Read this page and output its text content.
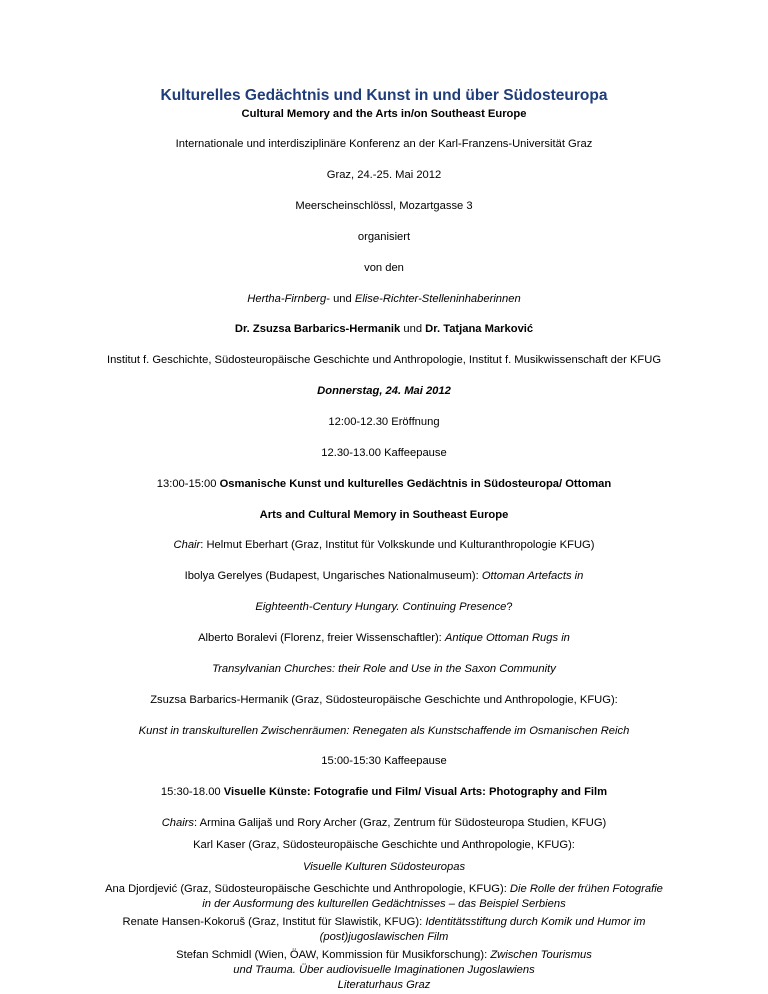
Kulturelles Gedächtnis und Kunst in und über Südosteuropa
Cultural Memory and the Arts in/on Southeast Europe
Internationale und interdisziplinäre Konferenz an der Karl-Franzens-Universität Graz
Graz, 24.-25. Mai 2012
Meerscheinschlössl, Mozartgasse 3
organisiert
von den
Hertha-Firnberg- und Elise-Richter-Stelleninhaberinnen
Dr. Zsuzsa Barbarics-Hermanik und Dr. Tatjana Marković
Institut f. Geschichte, Südosteuropäische Geschichte und Anthropologie, Institut f. Musikwissenschaft der KFUG
Donnerstag, 24. Mai 2012
12:00-12.30 Eröffnung
12.30-13.00 Kaffeepause
13:00-15:00 Osmanische Kunst und kulturelles Gedächtnis in Südosteuropa/ Ottoman
Arts and Cultural Memory in Southeast Europe
Chair: Helmut Eberhart (Graz, Institut für Volkskunde und Kulturanthropologie KFUG)
Ibolya Gerelyes (Budapest, Ungarisches Nationalmuseum): Ottoman Artefacts in
Eighteenth-Century Hungary. Continuing Presence?
Alberto Boralevi (Florenz, freier Wissenschaftler): Antique Ottoman Rugs in
Transylvanian Churches: their Role and Use in the Saxon Community
Zsuzsa Barbarics-Hermanik (Graz, Südosteuropäische Geschichte und Anthropologie, KFUG):
Kunst in transkulturellen Zwischenräumen: Renegaten als Kunstschaffende im Osmanischen Reich
15:00-15:30 Kaffeepause
15:30-18.00 Visuelle Künste: Fotografie und Film/ Visual Arts: Photography and Film
Chairs: Armina Galijaš und Rory Archer (Graz, Zentrum für Südosteuropa Studien, KFUG)
Karl Kaser (Graz, Südosteuropäische Geschichte und Anthropologie, KFUG):
Visuelle Kulturen Südosteuropas
Ana Djordjević (Graz, Südosteuropäische Geschichte und Anthropologie, KFUG): Die Rolle der frühen Fotografie
in der Ausformung des kulturellen Gedächtnisses – das Beispiel Serbiens
Renate Hansen-Kokoruš (Graz, Institut für Slawistik, KFUG): Identitätsstiftung durch Komik und Humor im
(post)jugoslawischen Film
Stefan Schmidl (Wien, ÖAW, Kommission für Musikforschung): Zwischen Tourismus
und Trauma. Über audiovisuelle Imaginationen Jugoslawiens
Literaturhaus Graz
